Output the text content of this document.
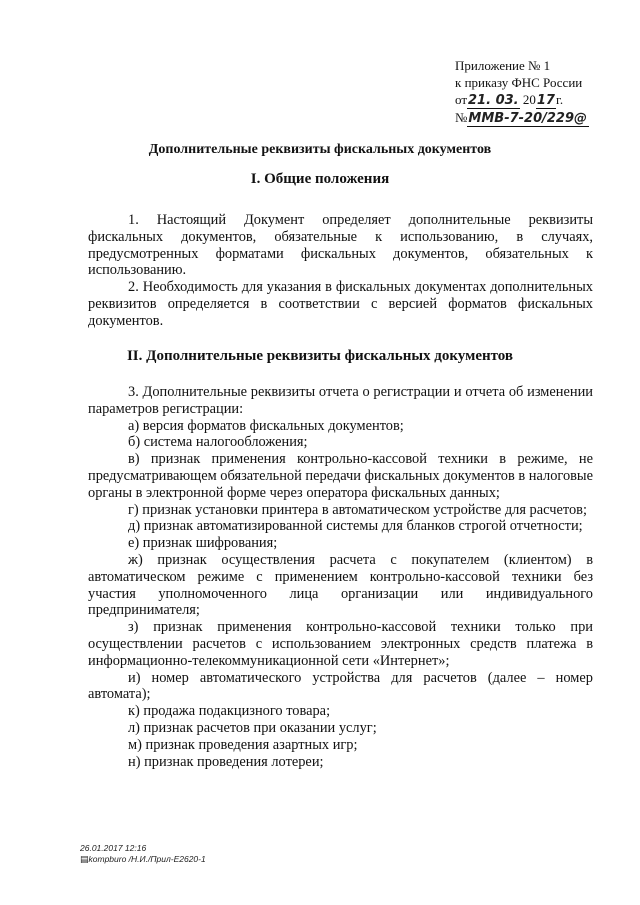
Приложение № 1
к приказу ФНС России
от21. 03. 2017г.
№ММВ-7-20/229@
Дополнительные реквизиты фискальных документов
I. Общие положения

1. Настоящий Документ определяет дополнительные реквизиты фискальных документов, обязательные к использованию, в случаях, предусмотренных форматами фискальных документов, обязательных к использованию.

2. Необходимость для указания в фискальных документах дополнительных реквизитов определяется в соответствии с версией форматов фискальных документов.

II. Дополнительные реквизиты фискальных документов

3. Дополнительные реквизиты отчета о регистрации и отчета об изменении параметров регистрации:

а) версия форматов фискальных документов;

б) система налогообложения;

в) признак применения контрольно-кассовой техники в режиме, не предусматривающем обязательной передачи фискальных документов в налоговые органы в электронной форме через оператора фискальных данных;

г) признак установки принтера в автоматическом устройстве для расчетов;

д) признак автоматизированной системы для бланков строгой отчетности;

е) признак шифрования;

ж) признак осуществления расчета с покупателем (клиентом) в автоматическом режиме с применением контрольно-кассовой техники без участия уполномоченного лица организации или индивидуального предпринимателя;

з) признак применения контрольно-кассовой техники только при осуществлении расчетов с использованием электронных средств платежа в информационно-телекоммуникационной сети «Интернет»;

и) номер автоматического устройства для расчетов (далее – номер автомата);

к) продажа подакцизного товара;

л) признак расчетов при оказании услуг;

м) признак проведения азартных игр;

н) признак проведения лотереи;

26.01.2017 12:16
▤kompburo /Н.И./Прил-E2620-1
